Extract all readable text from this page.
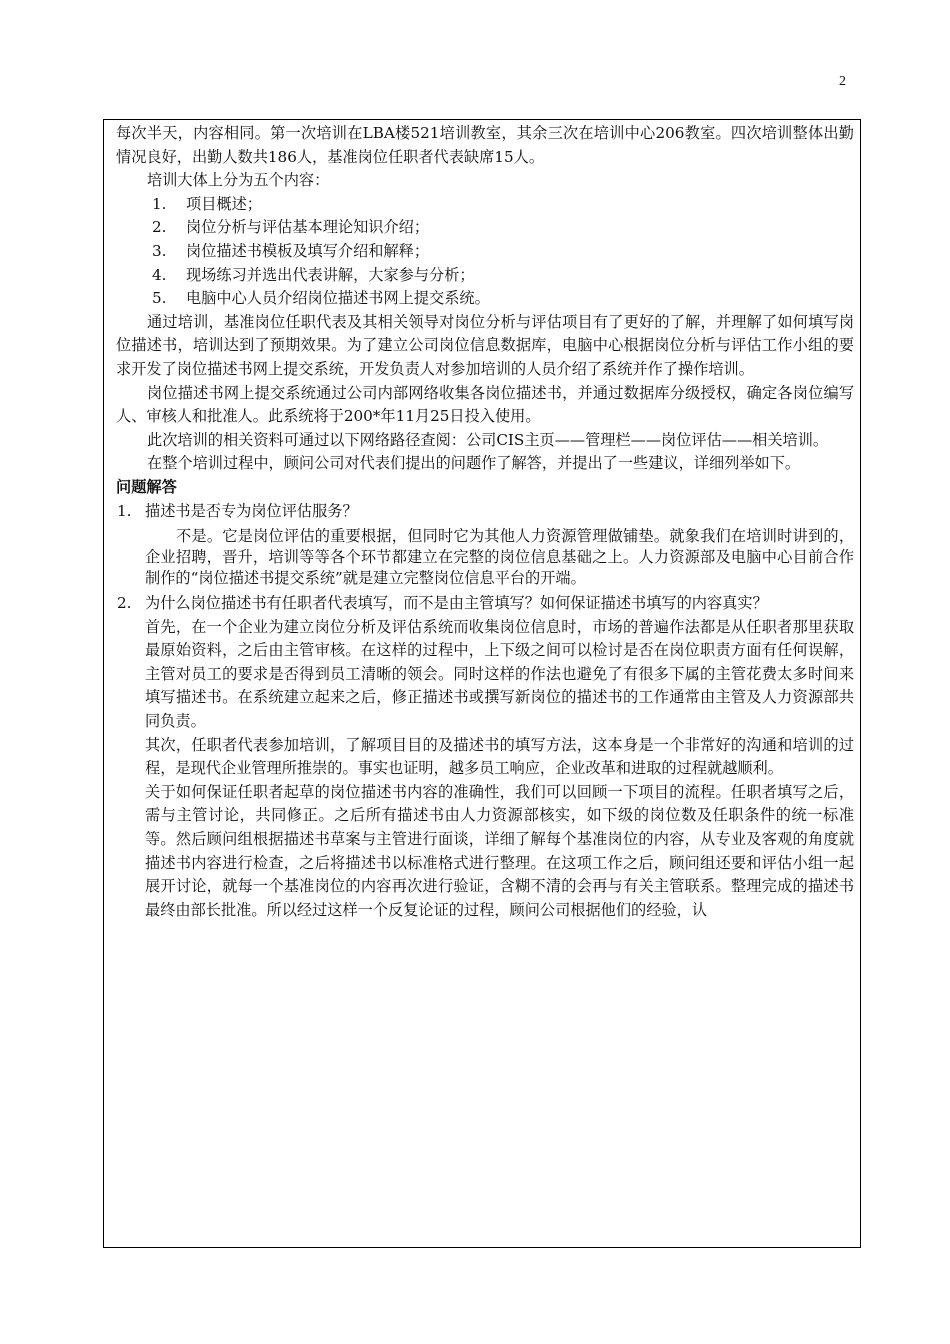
2

每次半天，内容相同。第一次培训在LBA楼521培训教室，其余三次在培训中心206教室。四次培训整体出勤情况良好，出勤人数共186人，基准岗位任职者代表缺席15人。

培训大体上分为五个内容：

1.	项目概述；
2.	岗位分析与评估基本理论知识介绍；
3.	岗位描述书模板及填写介绍和解释；
4.	现场练习并选出代表讲解，大家参与分析；
5.	电脑中心人员介绍岗位描述书网上提交系统。

通过培训，基准岗位任职代表及其相关领导对岗位分析与评估项目有了更好的了解，并理解了如何填写岗位描述书，培训达到了预期效果。为了建立公司岗位信息数据库，电脑中心根据岗位分析与评估工作小组的要求开发了岗位描述书网上提交系统，开发负责人对参加培训的人员介绍了系统并作了操作培训。

岗位描述书网上提交系统通过公司内部网络收集各岗位描述书，并通过数据库分级授权，确定各岗位编写人、审核人和批准人。此系统将于200*年11月25日投入使用。

此次培训的相关资料可通过以下网络路径查阅：公司CIS主页——管理栏——岗位评估——相关培训。

在整个培训过程中，顾问公司对代表们提出的问题作了解答，并提出了一些建议，详细列举如下。

问题解答

1. 描述书是否专为岗位评估服务？

不是。它是岗位评估的重要根据，但同时它为其他人力资源管理做铺垫。就象我们在培训时讲到的，企业招聘，晋升，培训等等各个环节都建立在完整的岗位信息基础之上。人力资源部及电脑中心目前合作制作的“岗位描述书提交系统”就是建立完整岗位信息平台的开端。

2. 为什么岗位描述书有任职者代表填写，而不是由主管填写？如何保证描述书填写的内容真实？

首先，在一个企业为建立岗位分析及评估系统而收集岗位信息时，市场的普遍作法都是从任职者那里获取最原始资料，之后由主管审核。在这样的过程中，上下级之间可以检讨是否在岗位职责方面有任何误解，主管对员工的要求是否得到员工清晰的领会。同时这样的作法也避免了有很多下属的主管花费太多时间来填写描述书。在系统建立起来之后，修正描述书或撰写新岗位的描述书的工作通常由主管及人力资源部共同负责。

其次，任职者代表参加培训，了解项目目的及描述书的填写方法，这本身是一个非常好的沟通和培训的过程，是现代企业管理所推崇的。事实也证明，越多员工响应，企业改革和进取的过程就越顺利。

关于如何保证任职者起草的岗位描述书内容的准确性，我们可以回顾一下项目的流程。任职者填写之后，需与主管讨论，共同修正。之后所有描述书由人力资源部核实，如下级的岗位数及任职条件的统一标准等。然后顾问组根据描述书草案与主管进行面谈，详细了解每个基准岗位的内容，从专业及客观的角度就描述书内容进行检查，之后将描述书以标准格式进行整理。在这项工作之后，顾问组还要和评估小组一起展开讨论，就每一个基准岗位的内容再次进行验证，含糊不清的会再与有关主管联系。整理完成的描述书最终由部长批准。所以经过这样一个反复论证的过程，顾问公司根据他们的经验，认
